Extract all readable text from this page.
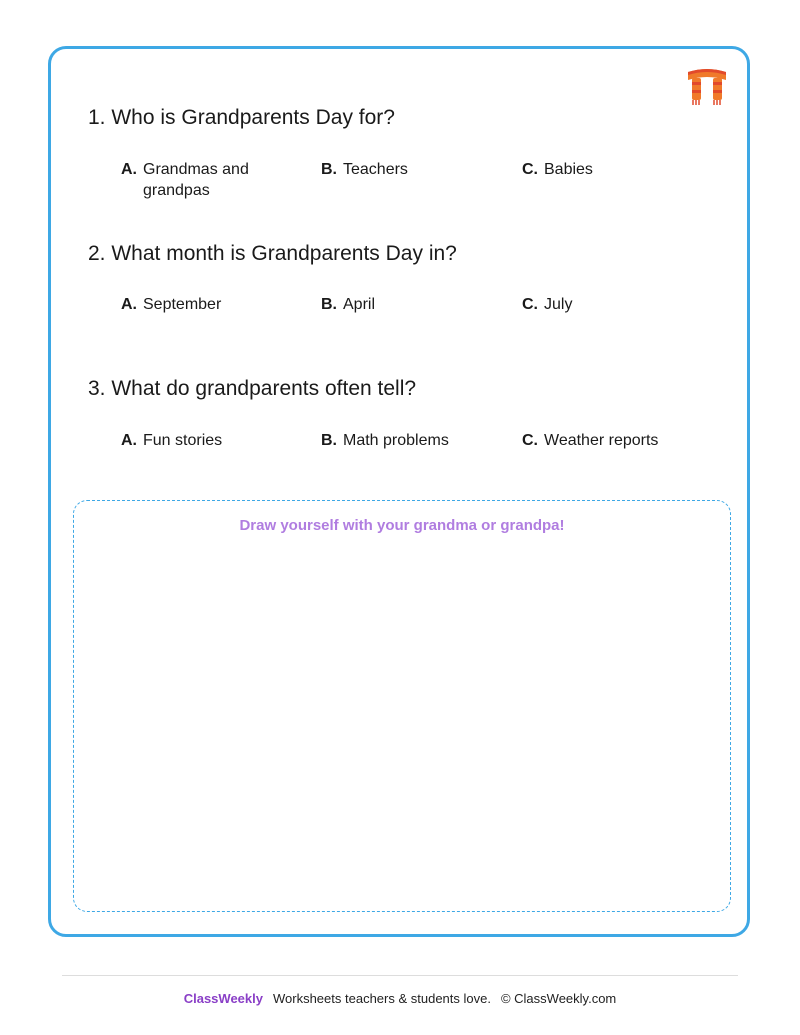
1. Who is Grandparents Day for?
A. Grandmas and grandpas
B. Teachers	C. Babies
2. What month is Grandparents Day in?
A. September	B. April	C. July
3. What do grandparents often tell?
A. Fun stories	B. Math problems	C. Weather reports
Draw yourself with your grandma or grandpa!
ClassWeekly Worksheets teachers & students love. © ClassWeekly.com
